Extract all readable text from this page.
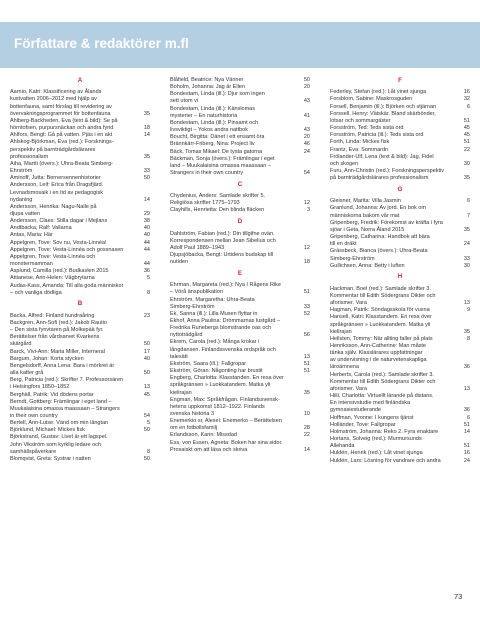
Författare & redaktörer m.fl
A
Aarnio, Katri: Klassificering av Ålands
kustvatten 2006–2012 med hjälp av
bottenfauna, samt förslag till revidering av
övervakningsprogrammet för bottenfauna	35
Ahlberg-Backheden, Eva (text & bild): Se på
hörntofsen, purpursnäckan och andra fynd	18
Ahlfors, Bengt: Gå på vatten. Pjäs i en akt	14
Ahlskog-Björkman, Eva (red.): Forsknings-
perspektiv på barnträdgårdslärares
professionalism	35
Aiha, Martti (övers.): Uhra-Beata Simberg-
Ehrström	33
Aminoff, Jutta: Bernersennenhistorier	50
Andersson, Leif: Erica från Dragsfjärd.
Levnadsmosaik i en tid av pedagogisk
nydaning	14
Andersson, Henrika: Nagu-Nalle på
djupa vatten	29
Andersson, Claes: Stilla dagar i Mejlans	38
Andtbacka, Ralf: Vallarna	40
Antas, Maria: Här	40
Appelgren, Tove: Sov nu, Vesta-Linnéa!	44
Appelgren, Tove: Vesta-Linnéa och gossnasen	44
Appelgren, Tove: Vesta-Linnéa och
monstermamman	44
Asplund, Camilla (red.): Budkavlen 2015	36
Attianese, Ann-Helen: Vägbrytarna	5
Audas-Kass, Amanda: Till alla goda människor
– och vanliga dödliga	8
B
Backa, Alfred: Finland hundraåring	23
Backgren, Ann-Sofi (red.): Jakob Rautio
– Den sista fynvtaren på Molkepää fyr.
Berättelser från vårdsarvet Kvarkens
skärgård	50
Barck, Vivi-Ann: Maria Miller, Interneral	17
Bargum, Johan: Korta stycken	40
Bengelsdorff, Anna Lena: Bara i mörkret är
alla katter grå	50
Berg, Patricia (red.): Skrifter 7. Professorsären
i Helsingfors 1850–1852	13
Berghäll, Patrik: Vid dödens portar	45
Berndt, Gottberg: Främlingar i eget land –
Muukalaisina omassa maassaan – Strangers
in their own country	54
Bertell, Ann-Luise: Vänd om min längtan	5
Björklund, Michael: Mickes fisk	50
Björkstrand, Gustav: Livet är ett lagspel.
John Vikström som kyrklig ledare och
samhällspåverkare	8
Blomqvist, Greta: Systrar i natten	50
Blåfield, Beatrice: Nya Vänner	50
Boholm, Johanna: Jag är Ellen	20
Bondestam, Linda (ill.): Djur som ingen
sett utom vi	43
Bondestam, Linda (ill.): Känslomas
mysterier – En naturhistoria	41
Bondestam, Linda (ill.): Pinsamt och
livsviktigt – Yokos andra nattbok	43
Boucht, Birgitta: Dänet i ett ensamt öra	20
Brännkärr-Friberg, Nina: Project liv	46
Bäck, Tomas Mikael: De tysta gatorna	24
Bäckman, Sonja (övers.): Främlingar i eget
land – Muukalaisina omassa maassaan –
Strangers in their own country	54
C
Chydenius, Anders: Samlade skrifter 5.
Religiösa skrifter 1775–1793	12
Clayhills, Henrietta: Den blinda fläcken	3
D
Dahlström, Fabian (red.): Din tillgifne ovän.
Korrespondensen mellan Jean Sibelius och
Adolf Paul 1889–1943	12
Djupsjöbacka, Bengt: Urtidens budskap till
nutiden	18
E
Ehrman, Margareta (red.): Nya I Rågens Rike
– Vörå änspublikation	51
Ehrström, Margaretha: Uhra-Beata
Simberg-Ehrström	33
Ek, Sanna (ill.): Lilla Musen flyttar in	52
Ekhof, Anna Paulina: Drömmarnas lustgård –
Fredrika Runebergs blomstrande oas och
nyttoträdgård	56
Ekrem, Carola (red.): Många krokar i
långdansen. Finlandssvenska ordspråk och
talesätt	13
Ekström, Saara (ill.): Fallgropar	51
Ekström, Göran: Någonting har brustit	51
Engberg, Charlotta: Klasstanden. En resa över
språkgränsen » Luokkatandem. Matka yli
kielirajan	35
Engman, Max: Språkfrågan. Finlandssvensk-
hetens uppkomst 1812–1922. Finlands
svenska historia 3	10
Enemerkio sr, Alexei: Enemerko – Berättelsen
om en fotbollsfamilj	28
Erlandsson, Karin: Missdad	22
Ess, von Essen, Agneta: Boken har sina sidor.
Prosaiskt om att läsa och skriva	14
F
Federley, Stefan (red.): Låt vinet sjunga	16
Forsblom, Sabine: Maskrosguden	32
Forsell, Benjamin (ill.): Björken och stjärnan	6
Forssell, Henry: Vätskär. Bland skärbönder,
lotsar och sommargäster	51
Forsström, Ted: Teds sista ord	45
Forsström, Patricia (ill.): Teds sista ord	45
Forth, Linda: Mickes fisk	51
Frantz, Eva: Sommardn	22
Frölander-Ulf, Lena (text & bild): Jag, Fidel
och skogen	30
Furu, Ann-Christin (red.): Forskningsperspektiv
på barnträdgårdslärares professionalism	35
G
Gleisner, Marita: Villa Jasmin	6
Granlund, Johanna: Av jord. En bok om
människorna bakom vår mat	7
Gripenberg, Fredrik: Förekomst av kräfta i fyra
sjöar i Geta, Norra Åland 2015	35
Gripenberg, Catharina: Handbok att bära
till en dräkt	24
Grässbeck, Bianca (övers.): Uhra-Beata
Simberg-Ehrström	33
Gullichsen, Anna: Betty i luften	30
H
Hackman, Boel (red.): Samlade skrifter 3.
Kommentar till Edith Södergrans Dikter och
aforismer. Vara	13
Hagman, Patrik: Söndagsskola för vuxna	9
Hansell, Katri: Klasstandem. En resa över
språkgränsen » Luokkatandem. Matka yli
kielirajan	35
Hellsten, Tommy: När allting faller på plats	8
Henriksson, Ann-Catherine: Man måste
tänka själv. Klasslärares uppfattningar
av undervisning i de naturvetenskapliga
läroämnena	36
Herberts, Carola (red.): Samlade skrifter 3.
Kommentar till Edith Södergrans Dikter och
aforismer. Vara	13
Hilli, Charlotta: Virtuellt lärande på distans.
En intensivstudie med finländska
gymnasiestuderande	36
Hoffman, Yvonne: I kungens tjänst	6
Holländer, Tove: Fallgropar	51
Holmström, Johanna: Reko 2. Fyra enaktare	14
Hortans, Solveig (red.): Murmursunds
Allehanda	51
Huldén, Henrik (red.): Låt vinet sjunga	16
Huldén, Lars: Lösning för vandrare och andra	24
73
